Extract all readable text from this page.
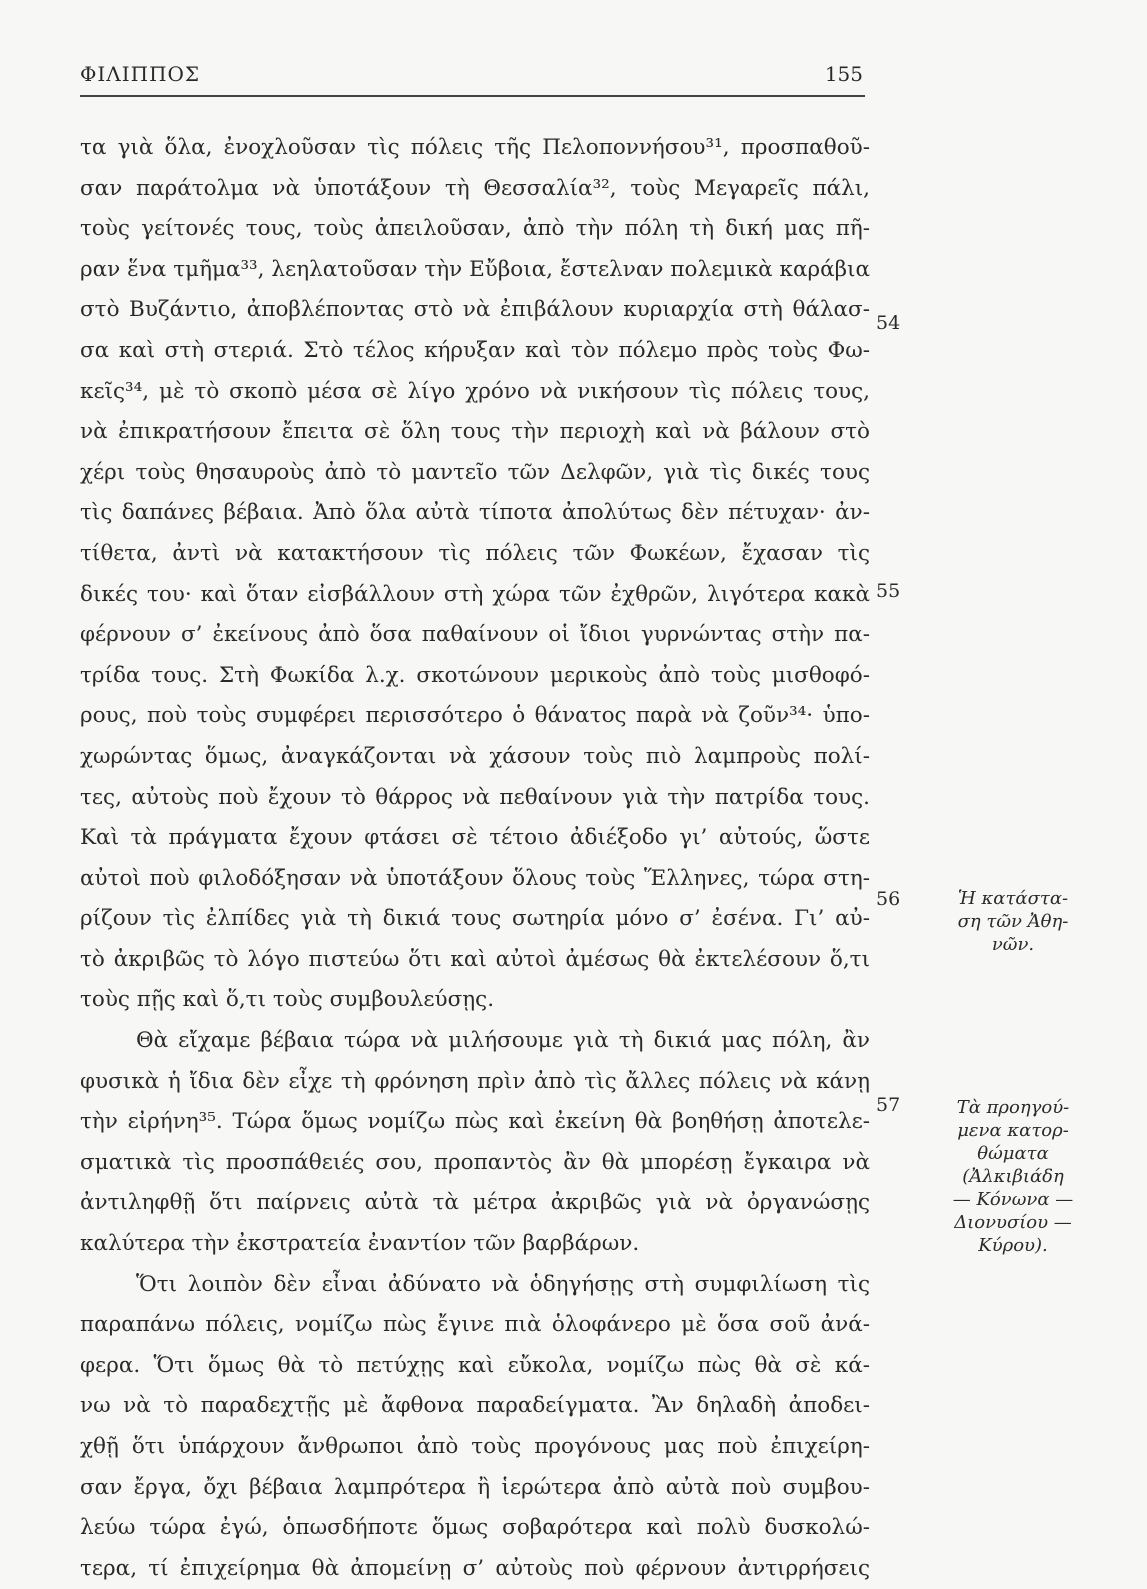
ΦΙΛΙΠΠΟΣ	155
τα γιὰ ὅλα, ἐνοχλοῦσαν τὶς πόλεις τῆς Πελοποννήσου³¹, προσπαθοῦ-
σαν παράτολμα νὰ ὑποτάξουν τὴ Θεσσαλία³², τοὺς Μεγαρεῖς πάλι,
τοὺς γείτονές τους, τοὺς ἀπειλοῦσαν, ἀπὸ τὴν πόλη τὴ δική μας πῆ-
ραν ἕνα τμῆμα³³, λεηλατοῦσαν τὴν Εὔβοια, ἔστελναν πολεμικὰ καράβια
στὸ Βυζάντιο, ἀποβλέποντας στὸ νὰ ἐπιβάλουν κυριαρχία στὴ θάλασ-
σα καὶ στὴ στεριά. Στὸ τέλος κήρυξαν καὶ τὸν πόλεμο πρὸς τοὺς Φω-
κεῖς³⁴, μὲ τὸ σκοπὸ μέσα σὲ λίγο χρόνο νὰ νικήσουν τὶς πόλεις τους,
νὰ ἐπικρατήσουν ἔπειτα σὲ ὅλη τους τὴν περιοχὴ καὶ νὰ βάλουν στὸ
χέρι τοὺς θησαυροὺς ἀπὸ τὸ μαντεῖο τῶν Δελφῶν, γιὰ τὶς δικές τους
τὶς δαπάνες βέβαια. Ἀπὸ ὅλα αὐτὰ τίποτα ἀπολύτως δὲν πέτυχαν· ἀν-
τίθετα, ἀντὶ νὰ κατακτήσουν τὶς πόλεις τῶν Φωκέων, ἔχασαν τὶς
δικές του· καὶ ὅταν εἰσβάλλουν στὴ χώρα τῶν ἐχθρῶν, λιγότερα κακὰ
φέρνουν σ’ ἐκείνους ἀπὸ ὅσα παθαίνουν οἱ ἴδιοι γυρνώντας στὴν πα-
τρίδα τους. Στὴ Φωκίδα λ.χ. σκοτώνουν μερικοὺς ἀπὸ τοὺς μισθοφό-
ρους, ποὺ τοὺς συμφέρει περισσότερο ὁ θάνατος παρὰ νὰ ζοῦν³⁴· ὑπο-
χωρώντας ὅμως, ἀναγκάζονται νὰ χάσουν τοὺς πιὸ λαμπροὺς πολί-
τες, αὐτοὺς ποὺ ἔχουν τὸ θάρρος νὰ πεθαίνουν γιὰ τὴν πατρίδα τους.
Καὶ τὰ πράγματα ἔχουν φτάσει σὲ τέτοιο ἀδιέξοδο γι’ αὐτούς, ὥστε
αὐτοὶ ποὺ φιλοδόξησαν νὰ ὑποτάξουν ὅλους τοὺς Ἕλληνες, τώρα στη-
ρίζουν τὶς ἐλπίδες γιὰ τὴ δικιά τους σωτηρία μόνο σ’ ἐσένα. Γι’ αὐ-
τὸ ἀκριβῶς τὸ λόγο πιστεύω ὅτι καὶ αὐτοὶ ἀμέσως θὰ ἐκτελέσουν ὅ,τι
τοὺς πῇς καὶ ὅ,τι τοὺς συμβουλεύσῃς.
Θὰ εἴχαμε βέβαια τώρα νὰ μιλήσουμε γιὰ τὴ δικιά μας πόλη, ἂν
φυσικὰ ἡ ἴδια δὲν εἶχε τὴ φρόνηση πρὶν ἀπὸ τὶς ἄλλες πόλεις νὰ κάνῃ
τὴν εἰρήνη³⁵. Τώρα ὅμως νομίζω πὼς καὶ ἐκείνη θὰ βοηθήσῃ ἀποτελε-
σματικὰ τὶς προσπάθειές σου, προπαντὸς ἂν θὰ μπορέσῃ ἔγκαιρα νὰ
ἀντιληφθῇ ὅτι παίρνεις αὐτὰ τὰ μέτρα ἀκριβῶς γιὰ νὰ ὀργανώσῃς
καλύτερα τὴν ἐκστρατεία ἐναντίον τῶν βαρβάρων.
Ὅτι λοιπὸν δὲν εἶναι ἀδύνατο νὰ ὁδηγήσῃς στὴ συμφιλίωση τὶς
παραπάνω πόλεις, νομίζω πὼς ἔγινε πιὰ ὁλοφάνερο μὲ ὅσα σοῦ ἀνά-
φερα. Ὅτι ὅμως θὰ τὸ πετύχῃς καὶ εὔκολα, νομίζω πὼς θὰ σὲ κά-
νω νὰ τὸ παραδεχτῇς μὲ ἄφθονα παραδείγματα. Ἂν δηλαδὴ ἀποδει-
χθῇ ὅτι ὑπάρχουν ἄνθρωποι ἀπὸ τοὺς προγόνους μας ποὺ ἐπιχείρη-
σαν ἔργα, ὄχι βέβαια λαμπρότερα ἢ ἱερώτερα ἀπὸ αὐτὰ ποὺ συμβου-
λεύω τώρα ἐγώ, ὁπωσδήποτε ὅμως σοβαρότερα καὶ πολὺ δυσκολώ-
τερα, τί ἐπιχείρημα θὰ ἀπομείνῃ σ’ αὐτοὺς ποὺ φέρνουν ἀντιρρήσεις
54
55
56
57
Ἡ κατάστα-
ση τῶν Ἀθη-
νῶν.
Τὰ προηγού-
μενα κατορ-
θώματα
(Ἀλκιβιάδη
— Κόνωνα —
Διονυσίου —
Κύρου).
